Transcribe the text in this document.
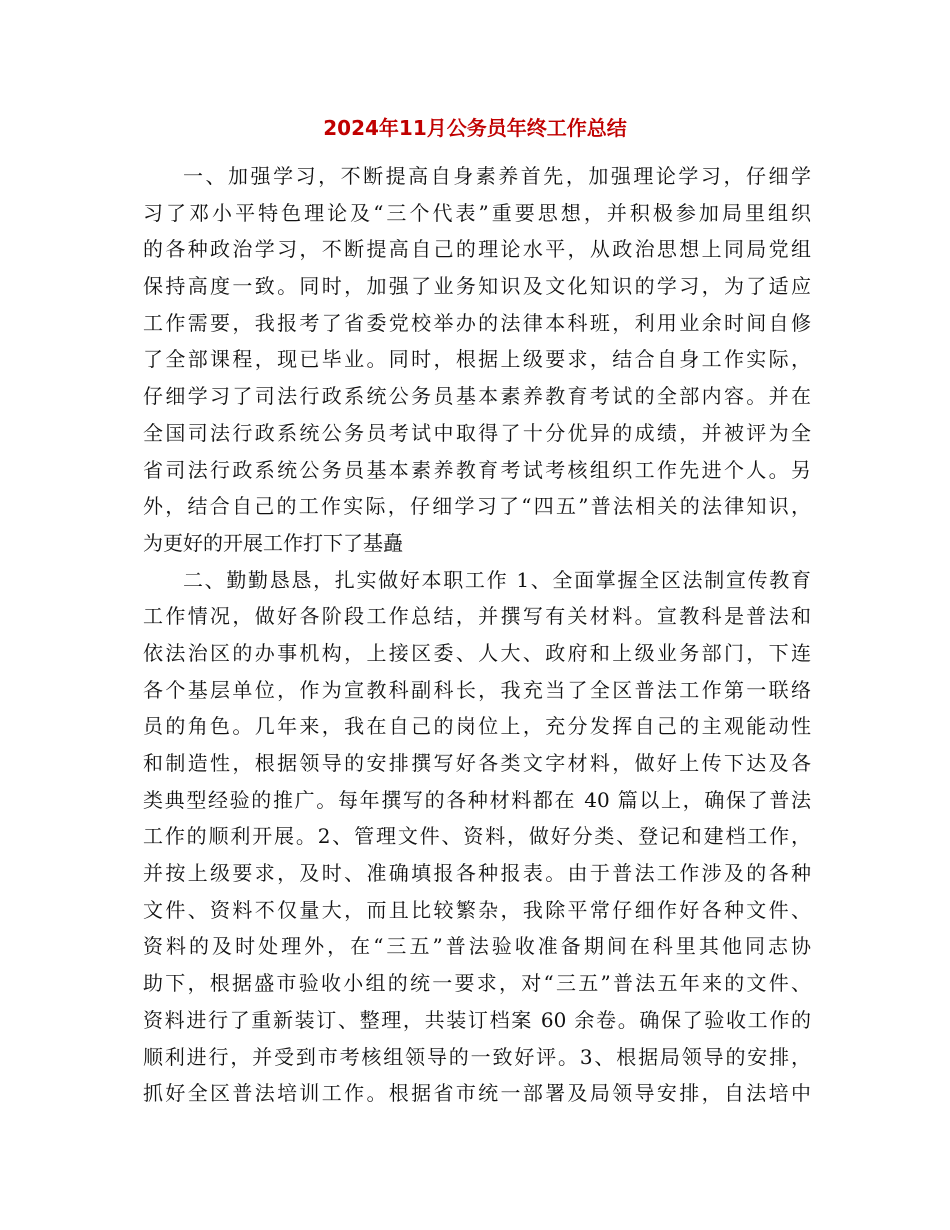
2024年11月公务员年终工作总结
一、加强学习，不断提高自身素养首先，加强理论学习，仔细学
习了邓小平特色理论及“三个代表”重要思想，并积极参加局里组织
的各种政治学习，不断提高自己的理论水平，从政治思想上同局党组
保持高度一致。同时，加强了业务知识及文化知识的学习，为了适应
工作需要，我报考了省委党校举办的法律本科班，利用业余时间自修
了全部课程，现已毕业。同时，根据上级要求，结合自身工作实际，
仔细学习了司法行政系统公务员基本素养教育考试的全部内容。并在
全国司法行政系统公务员考试中取得了十分优异的成绩，并被评为全
省司法行政系统公务员基本素养教育考试考核组织工作先进个人。另
外，结合自己的工作实际，仔细学习了“四五”普法相关的法律知识，
为更好的开展工作打下了基矗
二、勤勤恳恳，扎实做好本职工作 1、全面掌握全区法制宣传教育
工作情况，做好各阶段工作总结，并撰写有关材料。宣教科是普法和
依法治区的办事机构，上接区委、人大、政府和上级业务部门，下连
各个基层单位，作为宣教科副科长，我充当了全区普法工作第一联络
员的角色。几年来，我在自己的岗位上，充分发挥自己的主观能动性
和制造性，根据领导的安排撰写好各类文字材料，做好上传下达及各
类典型经验的推广。每年撰写的各种材料都在 40 篇以上，确保了普法
工作的顺利开展。2、管理文件、资料，做好分类、登记和建档工作，
并按上级要求，及时、准确填报各种报表。由于普法工作涉及的各种
文件、资料不仅量大，而且比较繁杂，我除平常仔细作好各种文件、
资料的及时处理外，在“三五”普法验收准备期间在科里其他同志协
助下，根据盛市验收小组的统一要求，对“三五”普法五年来的文件、
资料进行了重新装订、整理，共装订档案 60 余卷。确保了验收工作的
顺利进行，并受到市考核组领导的一致好评。3、根据局领导的安排，
抓好全区普法培训工作。根据省市统一部署及局领导安排，自法培中
